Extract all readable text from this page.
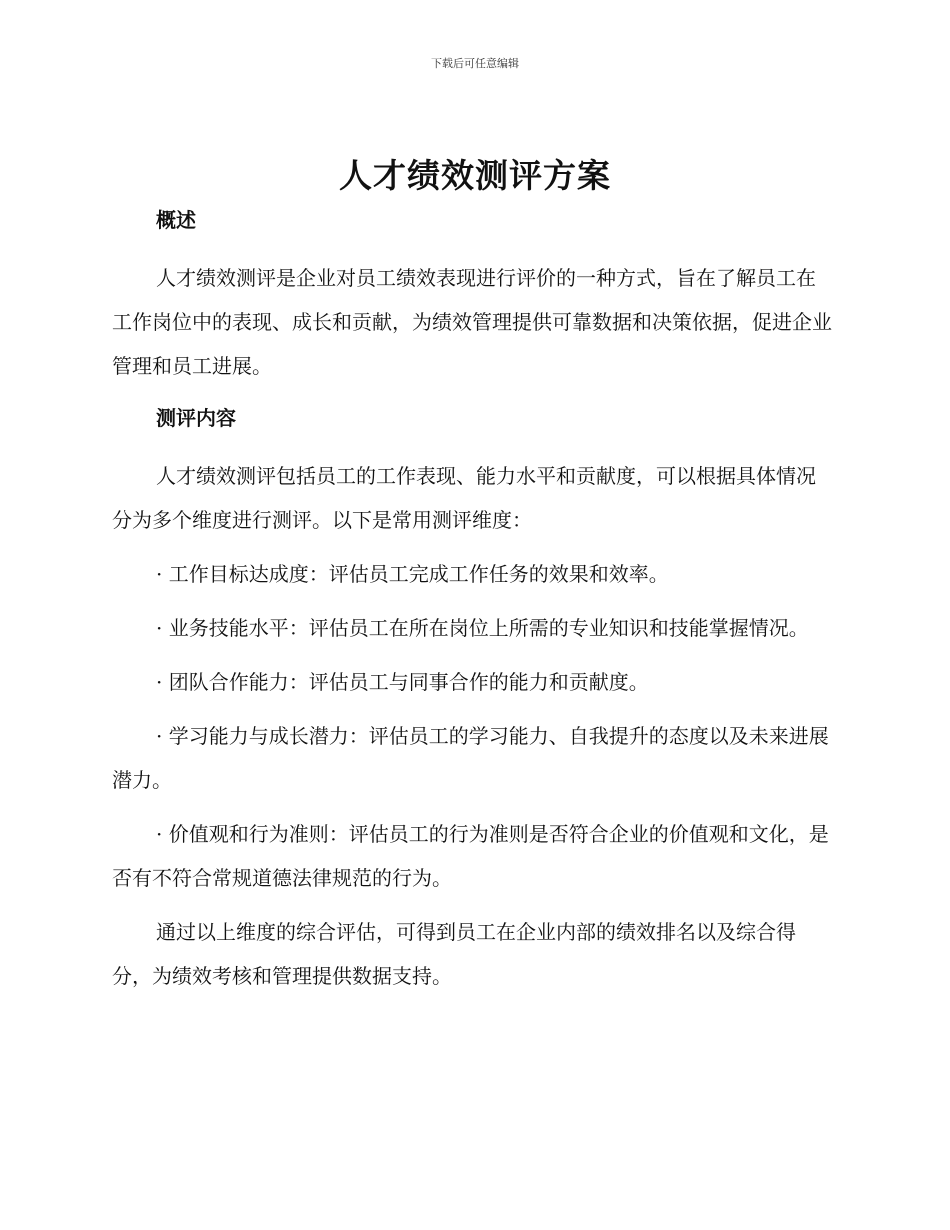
下载后可任意编辑
人才绩效测评方案
概述

人才绩效测评是企业对员工绩效表现进行评价的一种方式，旨在了解员工在工作岗位中的表现、成长和贡献，为绩效管理提供可靠数据和决策依据，促进企业管理和员工进展。

测评内容

人才绩效测评包括员工的工作表现、能力水平和贡献度，可以根据具体情况分为多个维度进行测评。以下是常用测评维度：

· 工作目标达成度：评估员工完成工作任务的效果和效率。

· 业务技能水平：评估员工在所在岗位上所需的专业知识和技能掌握情况。

· 团队合作能力：评估员工与同事合作的能力和贡献度。

· 学习能力与成长潜力：评估员工的学习能力、自我提升的态度以及未来进展潜力。

· 价值观和行为准则：评估员工的行为准则是否符合企业的价值观和文化，是否有不符合常规道德法律规范的行为。

通过以上维度的综合评估，可得到员工在企业内部的绩效排名以及综合得分，为绩效考核和管理提供数据支持。
